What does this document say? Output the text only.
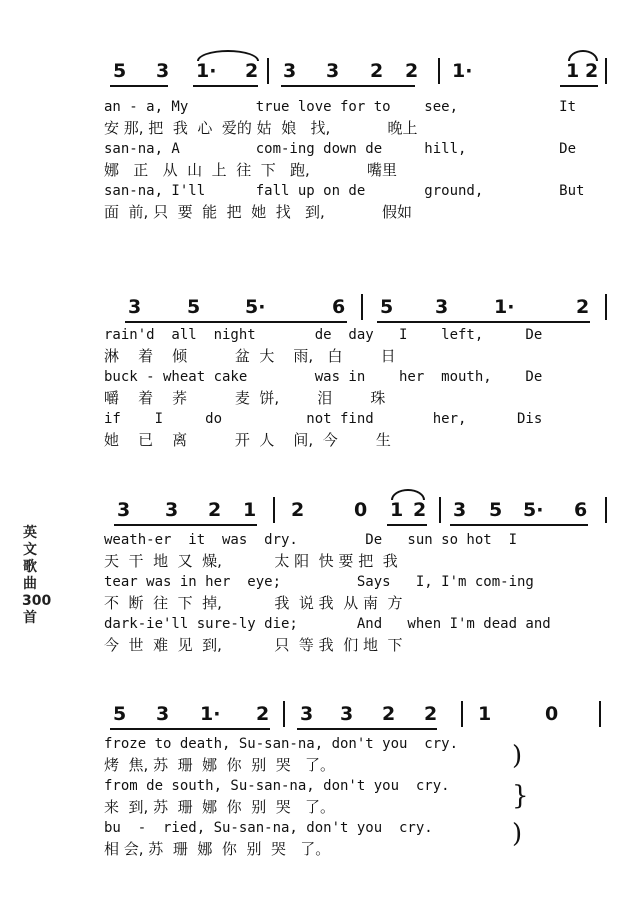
英文歌曲300首
5 3 1· 2 3 3 2 2 1·	1 2
an - a, My        true love for to    see,            It
安 那, 把  我  心  爱的 姑  娘   找,            晚上
san-na, A         com-ing down de     hill,           De
娜   正   从  山  上  往  下   跑,            嘴里
san-na, I'll      fall up on de       ground,         But
面  前, 只  要  能  把  她  找   到,            假如
3 5 5·	6 5 3 1·	2
rain'd  all  night       de  day   I    left,     De
淋    着    倾          盆  大    雨,   白        日
buck - wheat cake        was in    her  mouth,    De
嚼    着    荞          麦  饼,        泪        珠
if    I     do          not find       her,      Dis
她    已    离          开  人    间,  今        生
3 3 2 1 2	0 1 2 3 5 5· 6
weath-er  it  was  dry.        De   sun so hot  I
天  干  地  又  燥,           太 阳  快 要 把  我
tear was in her  eye;         Says   I, I'm com-ing
不  断  往  下  掉,           我  说 我  从 南  方
dark-ie'll sure-ly die;       And   when I'm dead and
今  世  难  见  到,           只  等 我  们 地  下
5 3 1· 2 3 3 2 2 1	0
froze to death, Su-san-na, don't you  cry.
烤  焦, 苏  珊  娜  你  别  哭   了。
from de south, Su-san-na, don't you  cry.
来  到, 苏  珊  娜  你  别  哭   了。
bu  -  ried, Su-san-na, don't you  cry.
相 会, 苏  珊  娜  你  别  哭   了。
)
}
)
